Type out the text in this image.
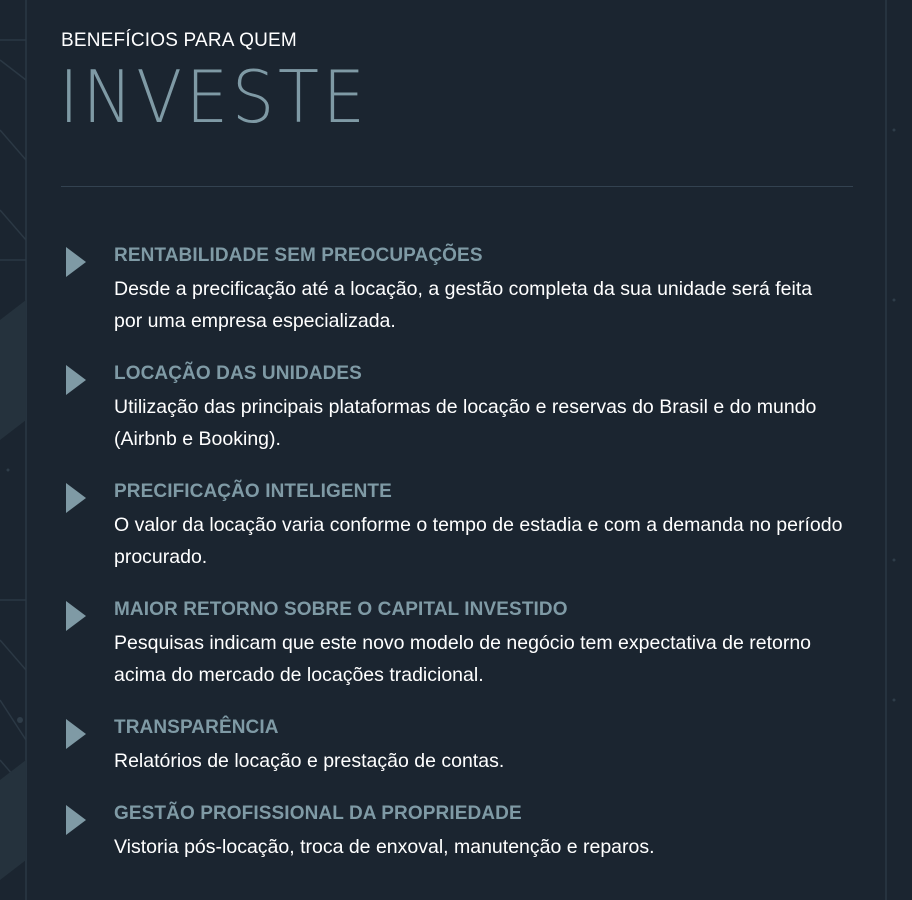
BENEFÍCIOS PARA QUEM
INVESTE
RENTABILIDADE SEM PREOCUPAÇÕES
Desde a precificação até a locação, a gestão completa da sua unidade será feita por uma empresa especializada.
LOCAÇÃO DAS UNIDADES
Utilização das principais plataformas de locação e reservas do Brasil e do mundo (Airbnb e Booking).
PRECIFICAÇÃO INTELIGENTE
O valor da locação varia conforme o tempo de estadia e com a demanda no período procurado.
MAIOR RETORNO SOBRE O CAPITAL INVESTIDO
Pesquisas indicam que este novo modelo de negócio tem expectativa de retorno acima do mercado de locações tradicional.
TRANSPARÊNCIA
Relatórios de locação e prestação de contas.
GESTÃO PROFISSIONAL DA PROPRIEDADE
Vistoria pós-locação, troca de enxoval, manutenção e reparos.
